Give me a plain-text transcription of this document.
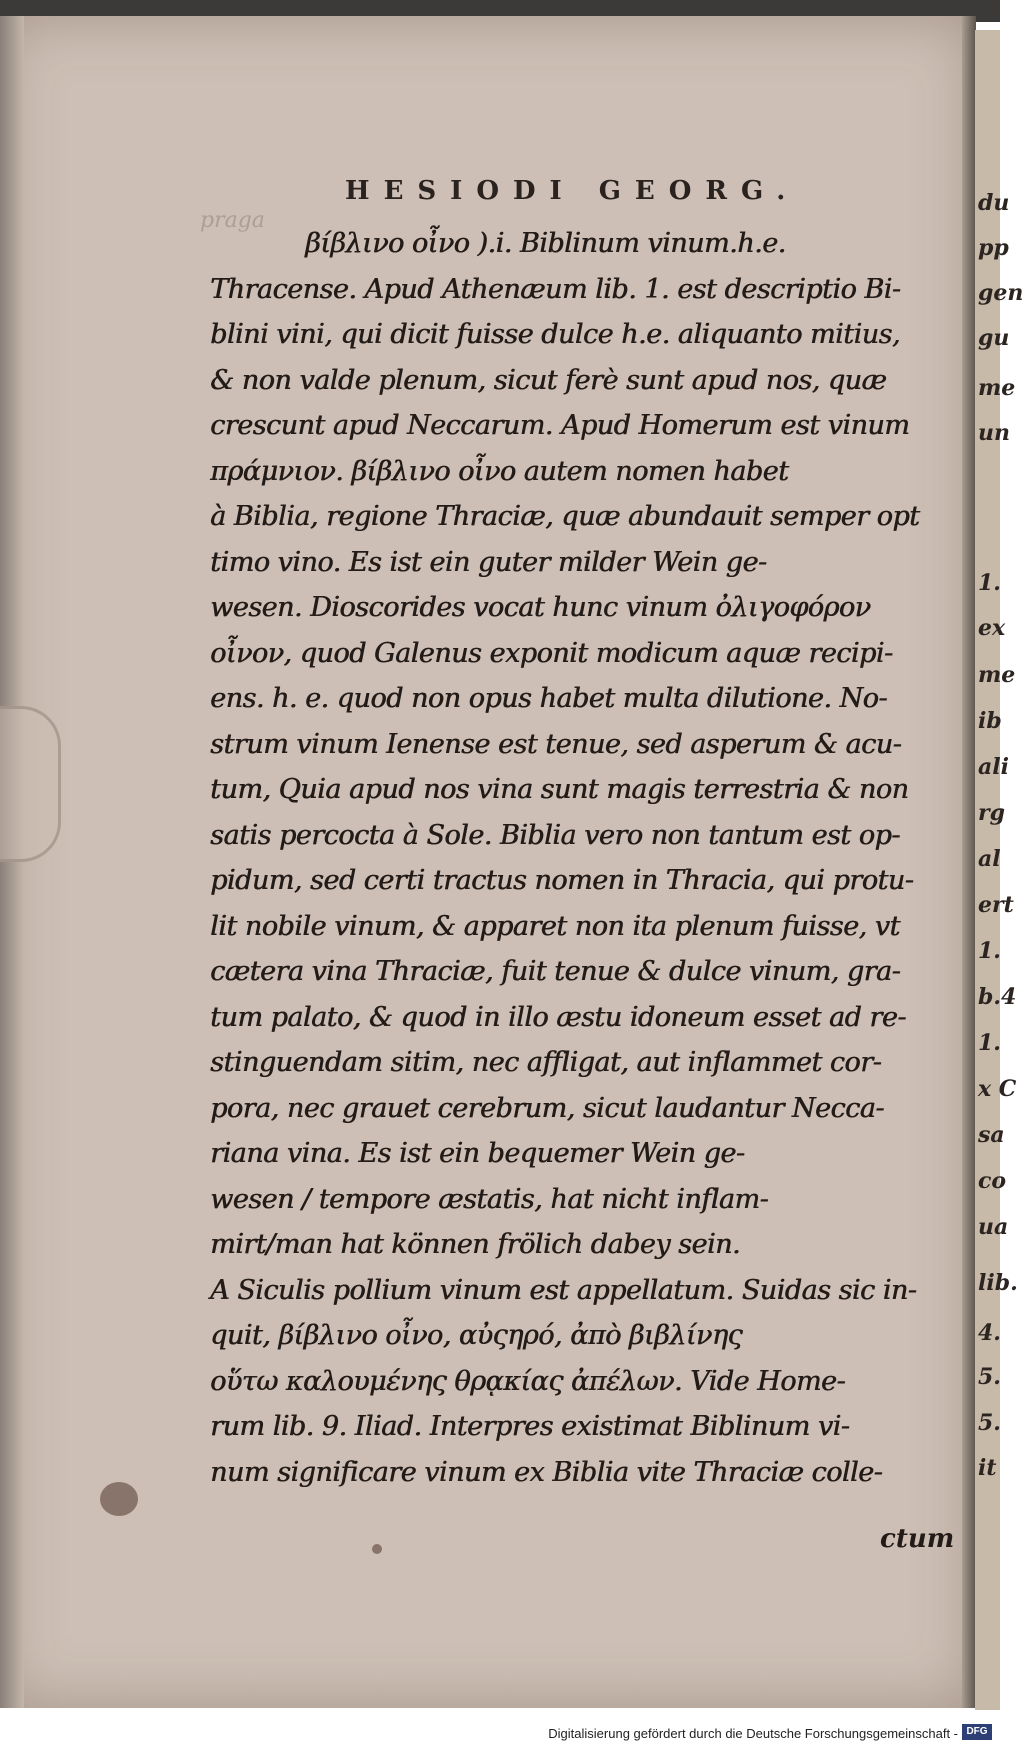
HESIODI GEORG.
praga
βίβλινο οἶνο ).i. Biblinum vinum.h.e.
Thracense. Apud Athenæum lib. 1. est descriptio Bi-
blini vini, qui dicit fuisse dulce h.e. aliquanto mitius,
& non valde plenum, sicut ferè sunt apud nos, quæ
crescunt apud Neccarum. Apud Homerum est vinum
πράμνιον. βίβλινο οἶνο autem nomen habet
à Biblia, regione Thraciæ, quæ abundauit semper opt
timo vino. Es ist ein guter milder Wein ge-
wesen. Dioscorides vocat hunc vinum ὀλιγοφόρον
οἶνον, quod Galenus exponit modicum aquæ recipi-
ens. h. e. quod non opus habet multa dilutione. No-
strum vinum Ienense est tenue, sed asperum & acu-
tum, Quia apud nos vina sunt magis terrestria & non
satis percocta à Sole. Biblia vero non tantum est op-
pidum, sed certi tractus nomen in Thracia, qui protu-
lit nobile vinum, & apparet non ita plenum fuisse, vt
cætera vina Thraciæ, fuit tenue & dulce vinum, gra-
tum palato, & quod in illo æstu idoneum esset ad re-
stinguendam sitim, nec affligat, aut inflammet cor-
pora, nec grauet cerebrum, sicut laudantur Necca-
riana vina. Es ist ein bequemer Wein ge-
wesen / tempore æstatis, hat nicht inflam-
mirt/man hat können frölich dabey sein.
A Siculis pollium vinum est appellatum. Suidas sic in-
quit, βίβλινο οἶνο, αὐςηρό, ἀπὸ βιβλίνης
οὕτω καλουμένης θρᾳκίας ἀπέλων. Vide Home-
rum lib. 9. Iliad. Interpres existimat Biblinum vi-
num significare vinum ex Biblia vite Thraciæ colle-
ctum
du
pp
gen
gu
me
un
1.
ex
me
ib
ali
rg
al
ert
1.
b.4
1.
x C
sa
co
ua
lib.
4.
5.
5.
it
Digitalisierung gefördert durch die Deutsche Forschungsgemeinschaft - DFG
